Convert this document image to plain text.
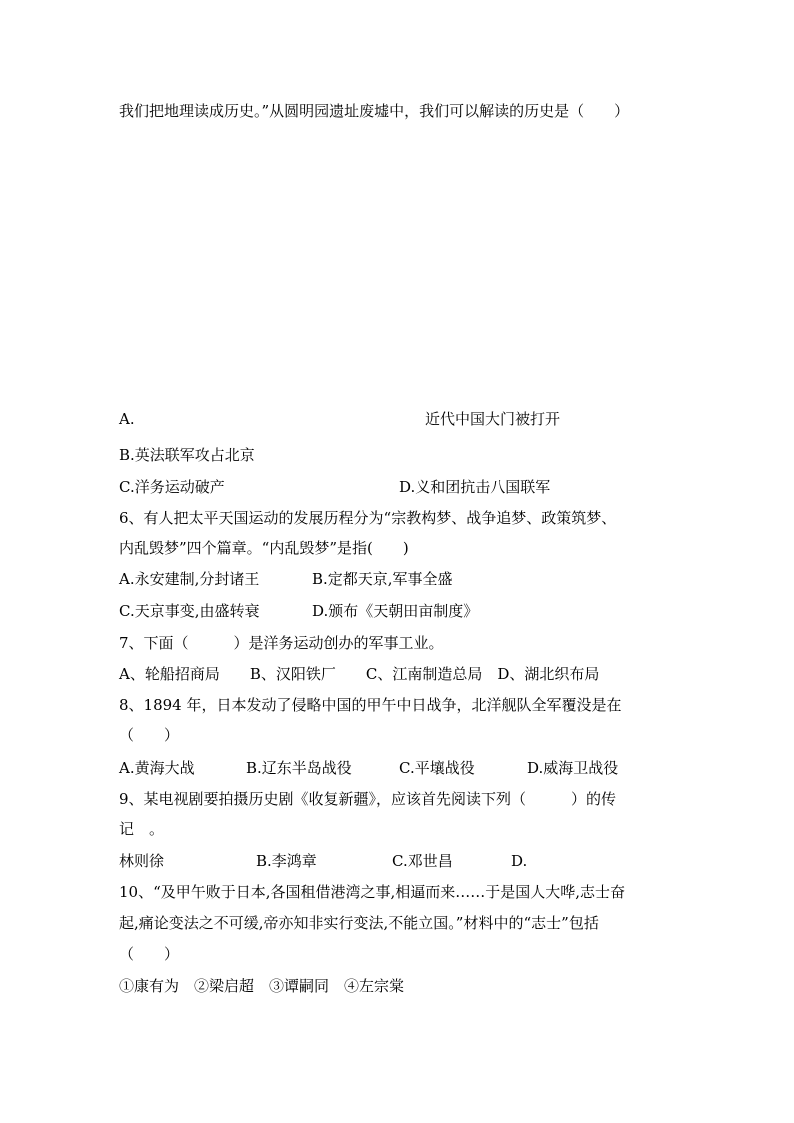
我们把地理读成历史。”从圆明园遗址废墟中，我们可以解读的历史是（　　）
A.	近代中国大门被打开
B.英法联军攻占北京
C.洋务运动破产	D.义和团抗击八国联军
6、有人把太平天国运动的发展历程分为“宗教构梦、战争追梦、政策筑梦、
内乱毁梦”四个篇章。“内乱毁梦”是指(　　)
A.永安建制,分封诸王	B.定都天京,军事全盛
C.天京事变,由盛转衰	D.颁布《天朝田亩制度》
7、下面（　　　）是洋务运动创办的军事工业。
A、轮船招商局　　B、汉阳铁厂　　C、江南制造总局　D、湖北织布局
8、1894 年，日本发动了侵略中国的甲午中日战争，北洋舰队全军覆没是在
（　　）
A.黄海大战	B.辽东半岛战役	C.平壤战役	D.威海卫战役
9、某电视剧要拍摄历史剧《收复新疆》，应该首先阅读下列（　　　）的传
记　。
林则徐	B.李鸿章	C.邓世昌	D.
10、“及甲午败于日本,各国租借港湾之事,相逼而来……于是国人大哗,志士奋
起,痛论变法之不可缓,帝亦知非实行变法,不能立国。”材料中的“志士”包括
（　　）
①康有为　②梁启超　③谭嗣同　④左宗棠
